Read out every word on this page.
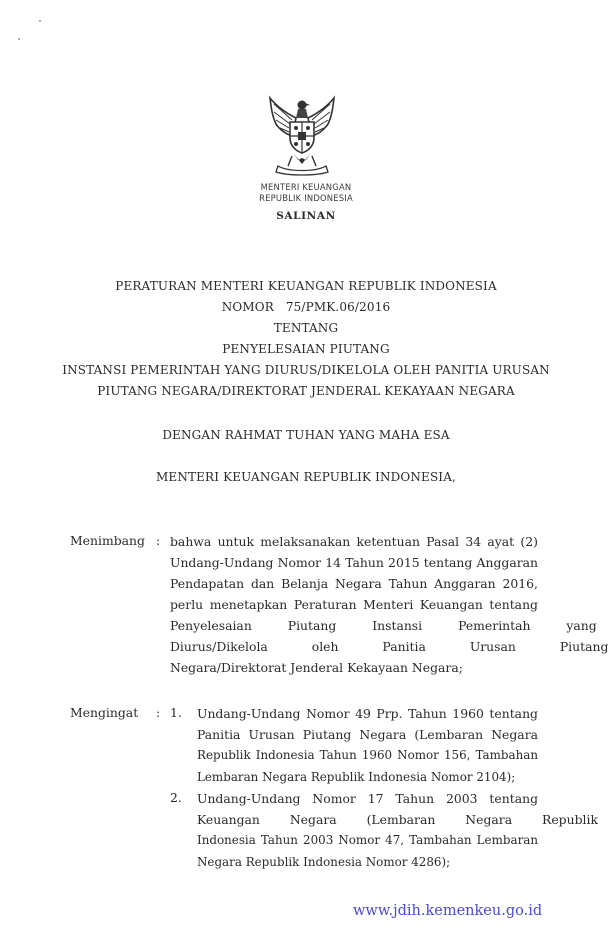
MENTERI KEUANGAN
REPUBLIK INDONESIA
SALINAN
PERATURAN MENTERI KEUANGAN REPUBLIK INDONESIA
NOMOR   75/PMK.06/2016
TENTANG
PENYELESAIAN PIUTANG
INSTANSI PEMERINTAH YANG DIURUS/DIKELOLA OLEH PANITIA URUSAN
PIUTANG NEGARA/DIREKTORAT JENDERAL KEKAYAAN NEGARA
DENGAN RAHMAT TUHAN YANG MAHA ESA
MENTERI KEUANGAN REPUBLIK INDONESIA,
Menimbang : bahwa untuk melaksanakan ketentuan Pasal 34 ayat (2)
Undang-Undang Nomor 14 Tahun 2015 tentang Anggaran
Pendapatan dan Belanja Negara Tahun Anggaran 2016,
perlu menetapkan Peraturan Menteri Keuangan tentang
Penyelesaian Piutang Instansi Pemerintah yang
Diurus/Dikelola oleh Panitia Urusan Piutang
Negara/Direktorat Jenderal Kekayaan Negara;
Mengingat : 1. Undang-Undang Nomor 49 Prp. Tahun 1960 tentang
Panitia Urusan Piutang Negara (Lembaran Negara
Republik Indonesia Tahun 1960 Nomor 156, Tambahan
Lembaran Negara Republik Indonesia Nomor 2104);
2. Undang-Undang Nomor 17 Tahun 2003 tentang
Keuangan Negara (Lembaran Negara Republik
Indonesia Tahun 2003 Nomor 47, Tambahan Lembaran
Negara Republik Indonesia Nomor 4286);
www.jdih.kemenkeu.go.id
